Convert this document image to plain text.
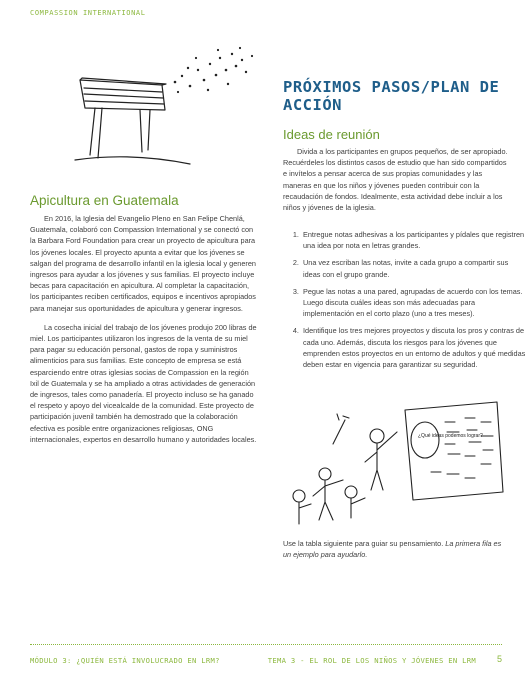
COMPASSION INTERNATIONAL
Apicultura en Guatemala

En 2016, la Iglesia del Evangelio Pleno en San Felipe Chenlá, Guatemala, colaboró con Compassion International y se conectó con la Barbara Ford Foundation para crear un proyecto de apicultura para los jóvenes locales. El proyecto apunta a evitar que los jóvenes se salgan del programa de desarrollo infantil en la iglesia local y generen ingresos para ayudar a los jóvenes y sus familias. El proyecto incluye becas para capacitación en apicultura. Al completar la capacitación, los participantes reciben certificados, equipos e incentivos apropiados para manejar sus oportunidades de apicultura y generar ingresos.

La cosecha inicial del trabajo de los jóvenes produjo 200 libras de miel. Los participantes utilizaron los ingresos de la venta de su miel para pagar su educación personal, gastos de ropa y suministros alimenticios para sus familias. Este concepto de empresa se está esparciendo entre otras iglesias socias de Compassion en la región Ixil de Guatemala y se ha ampliado a otras actividades de generación de ingresos, tales como panadería. El proyecto incluso se ha ganado el respeto y apoyo del vicealcalde de la comunidad. Este proyecto de participación juvenil también ha demostrado que la colaboración efectiva es posible entre organizaciones religiosas, ONG internacionales, expertos en desarrollo humano y autoridades locales.

PRÓXIMOS PASOS/PLAN DE ACCIÓN
Ideas de reunión

Divida a los participantes en grupos pequeños, de ser apropiado. Recuérdeles los distintos casos de estudio que han sido compartidos e invítelos a pensar acerca de sus propias comunidades y las maneras en que los niños y jóvenes pueden contribuir con la recaudación de fondos. Idealmente, esta actividad debe incluir a los niños y jóvenes de la iglesia.

1. Entregue notas adhesivas a los participantes y pídales que registren una idea por nota en letras grandes.
2. Una vez escriban las notas, invite a cada grupo a compartir sus ideas con el grupo grande.
3. Pegue las notas a una pared, agrupadas de acuerdo con los temas. Luego discuta cuáles ideas son más adecuadas para implementación en el corto plazo (uno a tres meses).
4. Identifique los tres mejores proyectos y discuta los pros y contras de cada uno. Además, discuta los riesgos para los jóvenes que emprenden estos proyectos en un entorno de adultos y qué medidas deben estar en vigencia para garantizar su seguridad.
¿Qué ideas podemos lograr?
Use la tabla siguiente para guiar su pensamiento. La primera fila es un ejemplo para ayudarlo.
MÓDULO 3: ¿QUIÉN ESTÁ INVOLUCRADO EN LRM?	TEMA 3 - EL ROL DE LOS NIÑOS Y JÓVENES EN LRM 5
